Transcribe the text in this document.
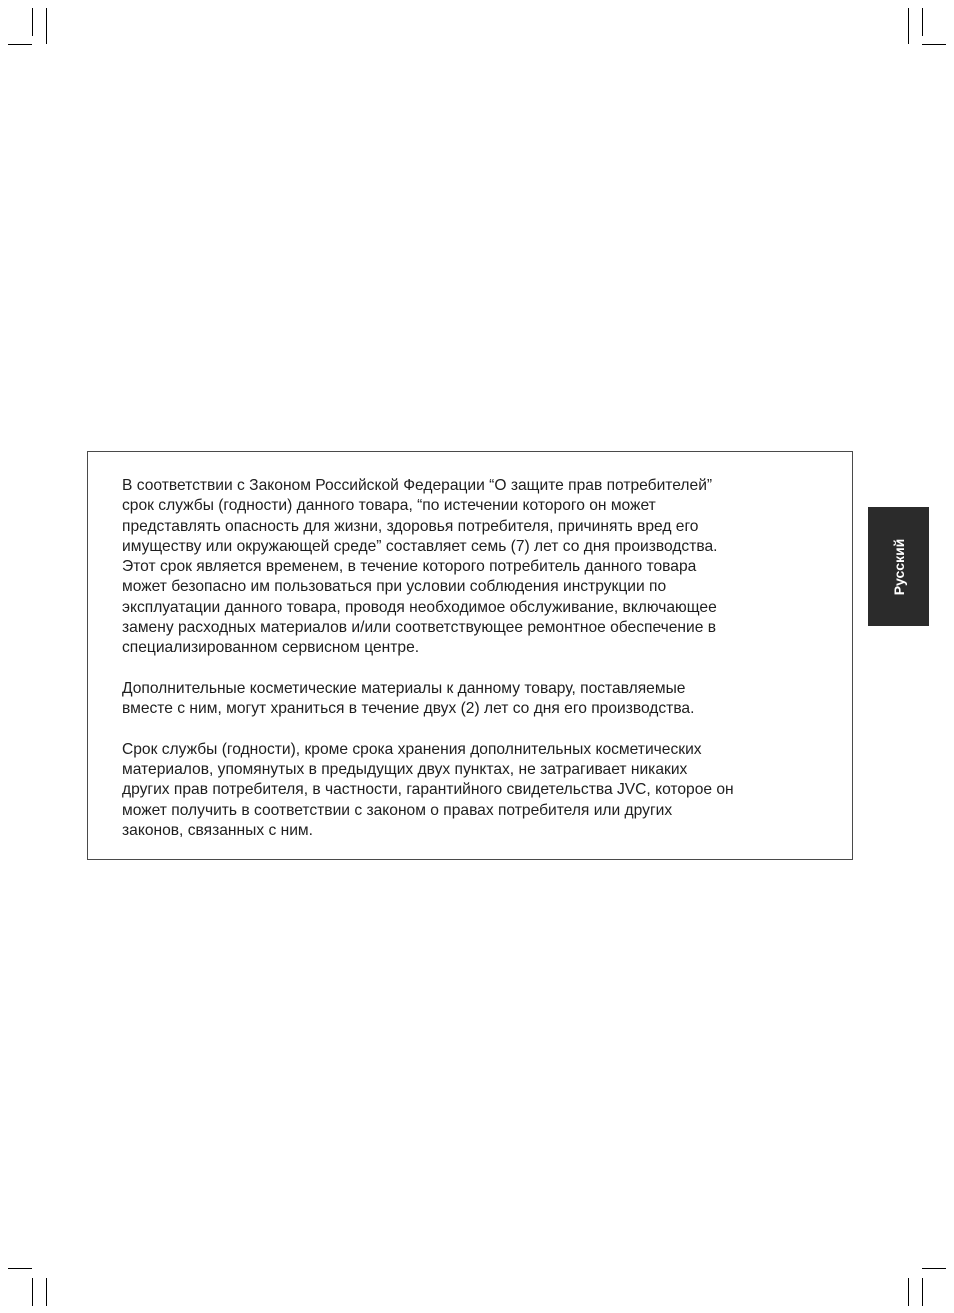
В соответствии с Законом Российской Федерации “О защите прав потребителей”
срок службы (годности) данного товара, “по истечении которого он может
представлять опасность для жизни, здоровья потребителя, причинять вред его
имуществу или окружающей среде” составляет семь (7) лет со дня производства.
Этот срок является временем, в течение которого потребитель данного товара
может безопасно им пользоваться при условии соблюдения инструкции по
эксплуатации данного товара, проводя необходимое обслуживание, включающее
замену расходных материалов и/или соответствующее ремонтное обеспечение в
специализированном сервисном центре.

Дополнительные косметические материалы к данному товару, поставляемые
вместе с ним, могут храниться в течение двух (2) лет со дня его производства.

Срок службы (годности), кроме срока хранения дополнительных косметических
материалов, упомянутых в предыдущих двух пунктах, не затрагивает никаких
других прав потребителя, в частности, гарантийного свидетельства JVC, которое он
может получить в соответствии с законом о правах потребителя или других
законов, связанных с ним.

Русский
